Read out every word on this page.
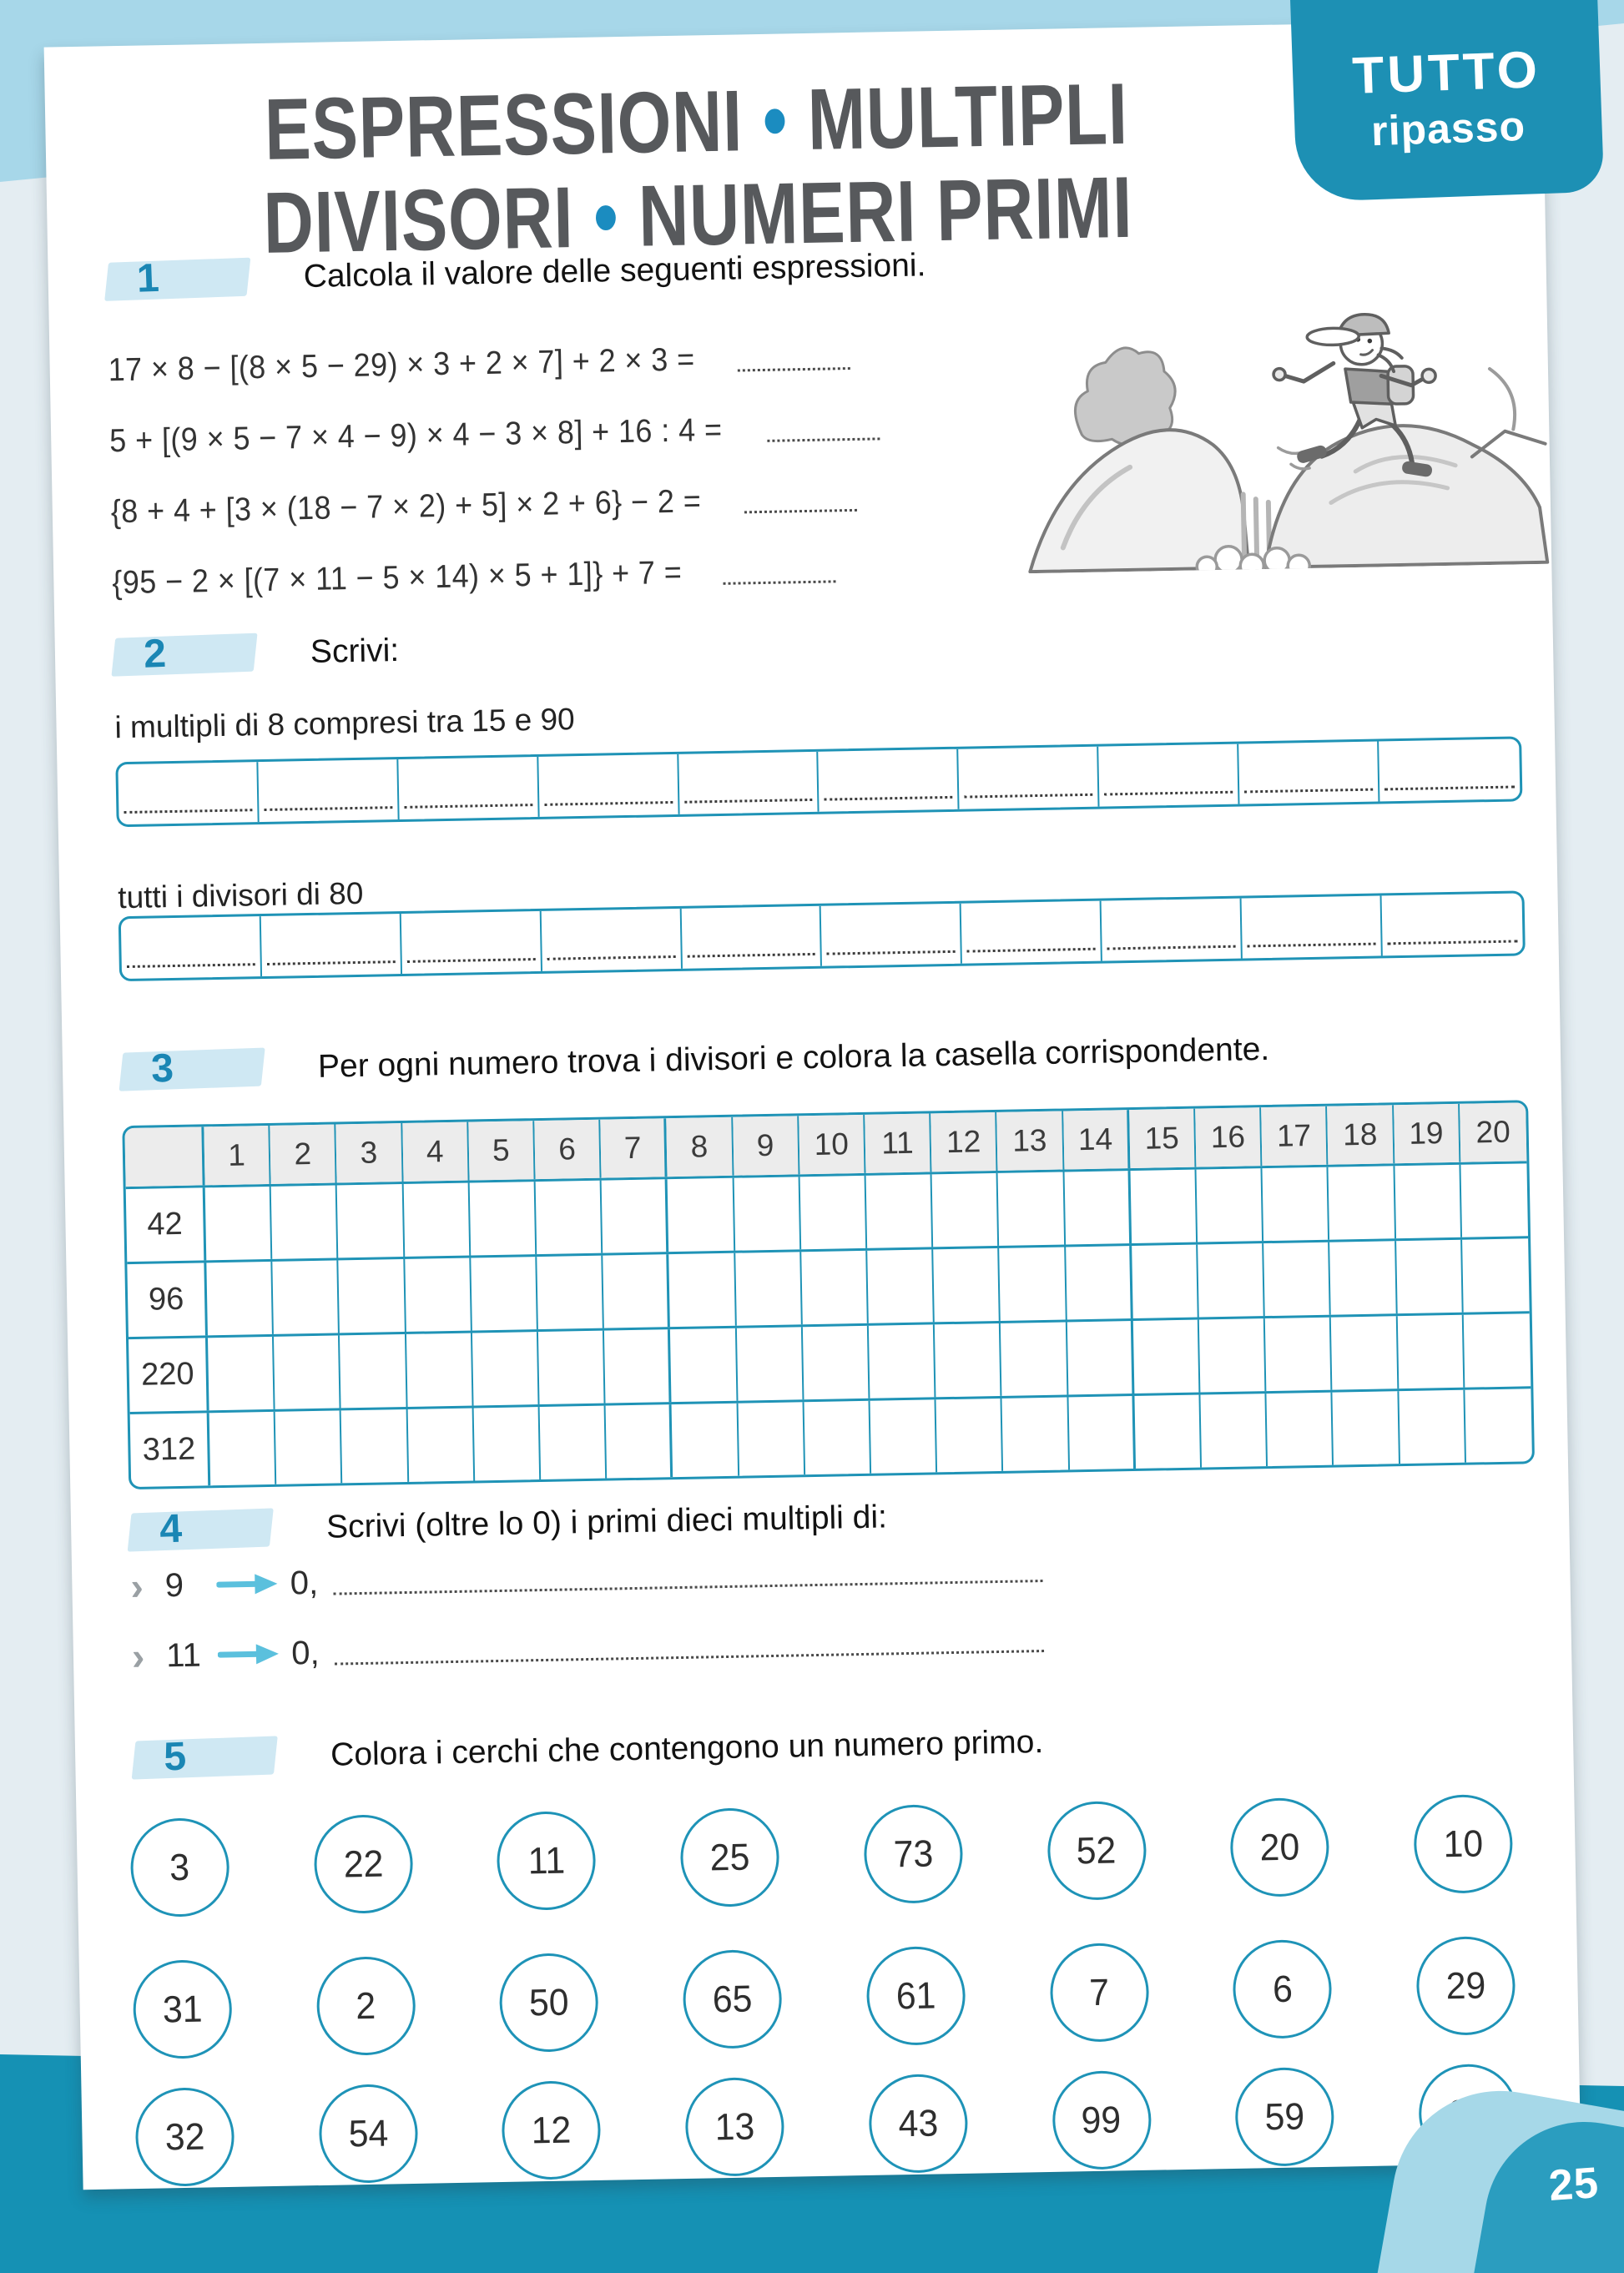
25
ESPRESSIONI • MULTIPLI
DIVISORI • NUMERI PRIMI
1	Calcola il valore delle seguenti espressioni.
17 × 8 − [(8 × 5 − 29) × 3 + 2 × 7] + 2 × 3 =
5 + [(9 × 5 − 7 × 4 − 9) × 4 − 3 × 8] + 16 : 4 =
{8 + 4 + [3 × (18 − 7 × 2) + 5] × 2 + 6} − 2 =
{95 − 2 × [(7 × 11 − 5 × 14) × 5 + 1]} + 7 =
2	Scrivi:
i multipli di 8 compresi tra 15 e 90
tutti i divisori di 80
3	Per ogni numero trova i divisori e colora la casella corrispondente.
1	2	3	4	5	6	7	8	9	10	11	12	13 14	15	16	17	18	19	20
42
96
220
312
4	Scrivi (oltre lo 0) i primi dieci multipli di:
› 9	0,
› 11	0,
5	Colora i cerchi che contengono un numero primo.
3	22	11	25	73	52	20	10
31	2	50	65	61	7	6	29
32	54	12	13	43	99	59
TUTTO
ripasso
